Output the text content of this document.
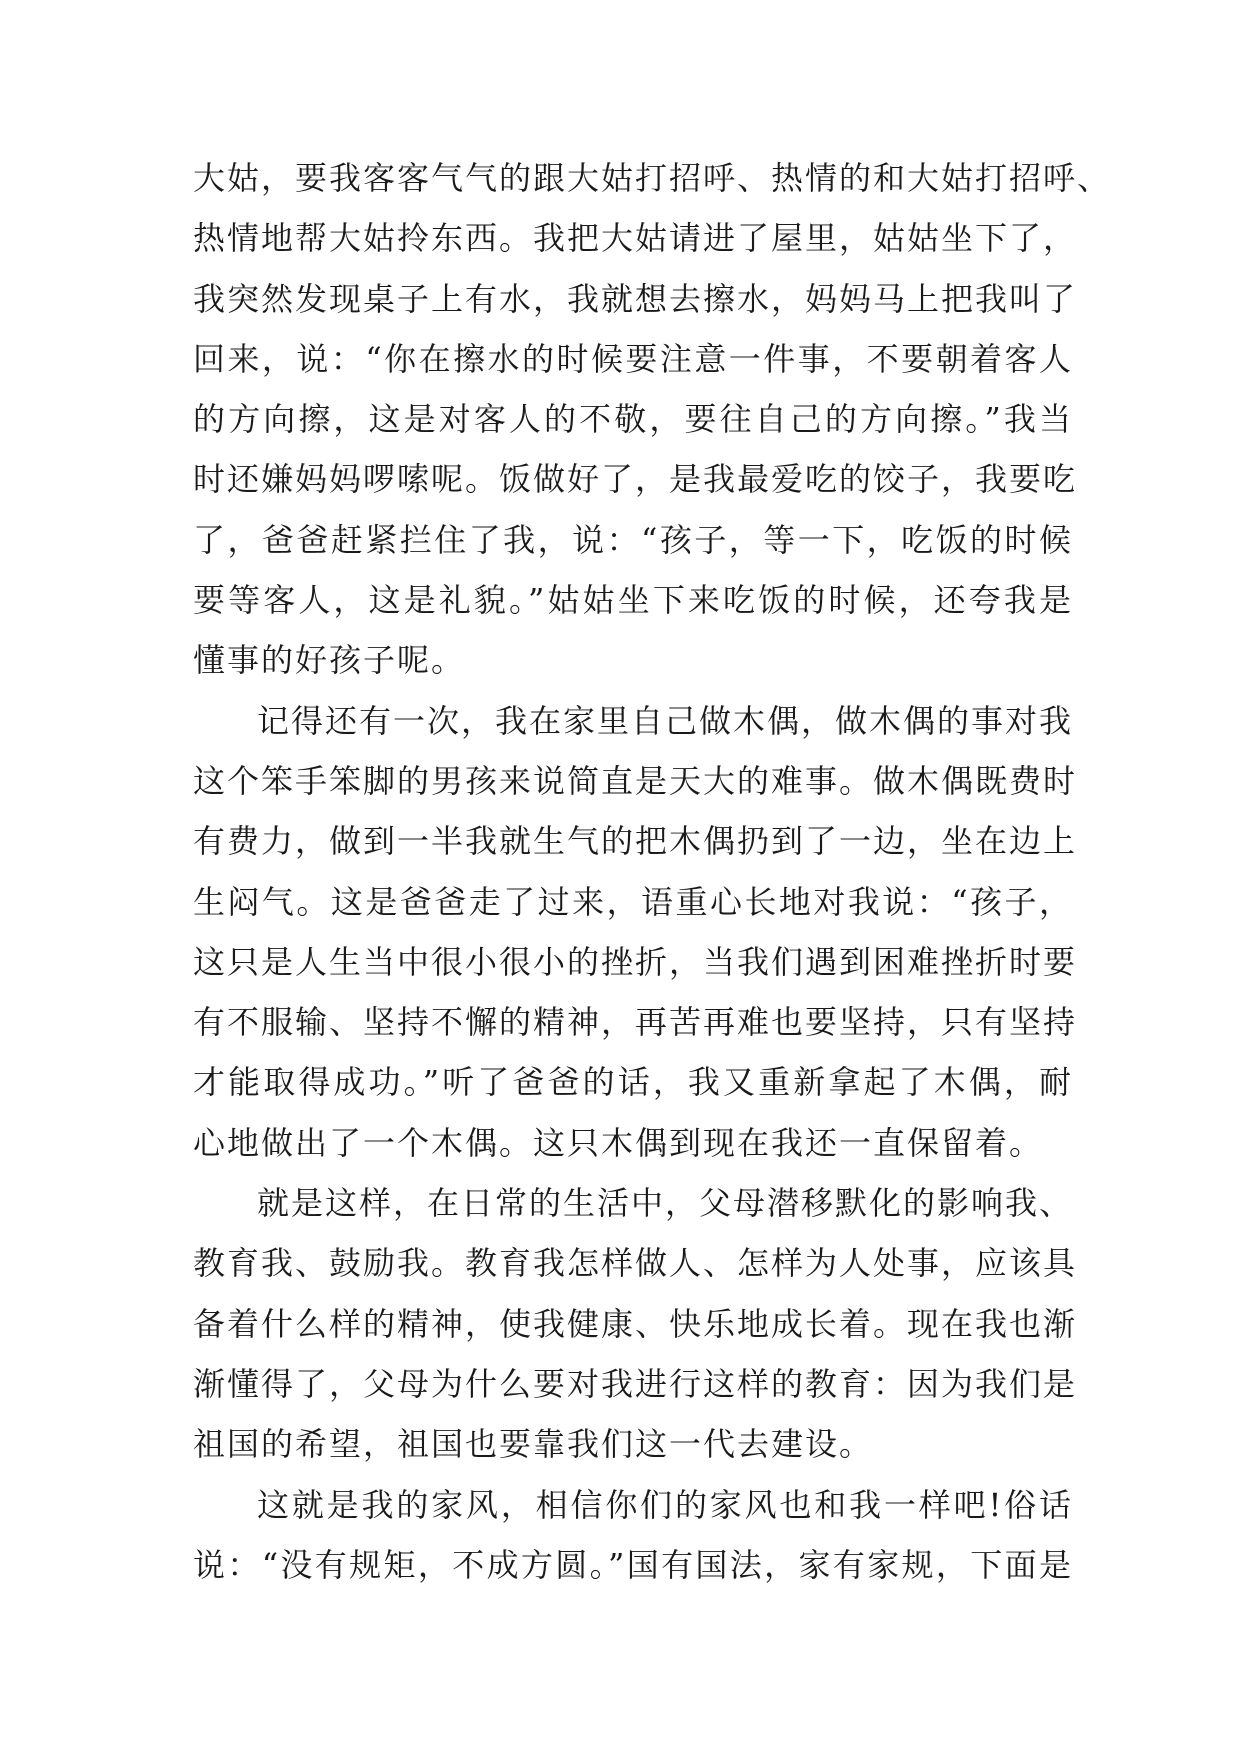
大姑，要我客客气气的跟大姑打招呼、热情的和大姑打招呼、
热情地帮大姑拎东西。我把大姑请进了屋里，姑姑坐下了，
我突然发现桌子上有水，我就想去擦水，妈妈马上把我叫了
回来，说：“你在擦水的时候要注意一件事，不要朝着客人
的方向擦，这是对客人的不敬，要往自己的方向擦。”我当
时还嫌妈妈啰嗦呢。饭做好了，是我最爱吃的饺子，我要吃
了，爸爸赶紧拦住了我，说：“孩子，等一下，吃饭的时候
要等客人，这是礼貌。”姑姑坐下来吃饭的时候，还夸我是
懂事的好孩子呢。
记得还有一次，我在家里自己做木偶，做木偶的事对我
这个笨手笨脚的男孩来说简直是天大的难事。做木偶既费时
有费力，做到一半我就生气的把木偶扔到了一边，坐在边上
生闷气。这是爸爸走了过来，语重心长地对我说：“孩子，
这只是人生当中很小很小的挫折，当我们遇到困难挫折时要
有不服输、坚持不懈的精神，再苦再难也要坚持，只有坚持
才能取得成功。”听了爸爸的话，我又重新拿起了木偶，耐
心地做出了一个木偶。这只木偶到现在我还一直保留着。
就是这样，在日常的生活中，父母潜移默化的影响我、
教育我、鼓励我。教育我怎样做人、怎样为人处事，应该具
备着什么样的精神，使我健康、快乐地成长着。现在我也渐
渐懂得了，父母为什么要对我进行这样的教育：因为我们是
祖国的希望，祖国也要靠我们这一代去建设。
这就是我的家风，相信你们的家风也和我一样吧!俗话
说：“没有规矩，不成方圆。”国有国法，家有家规，下面是
